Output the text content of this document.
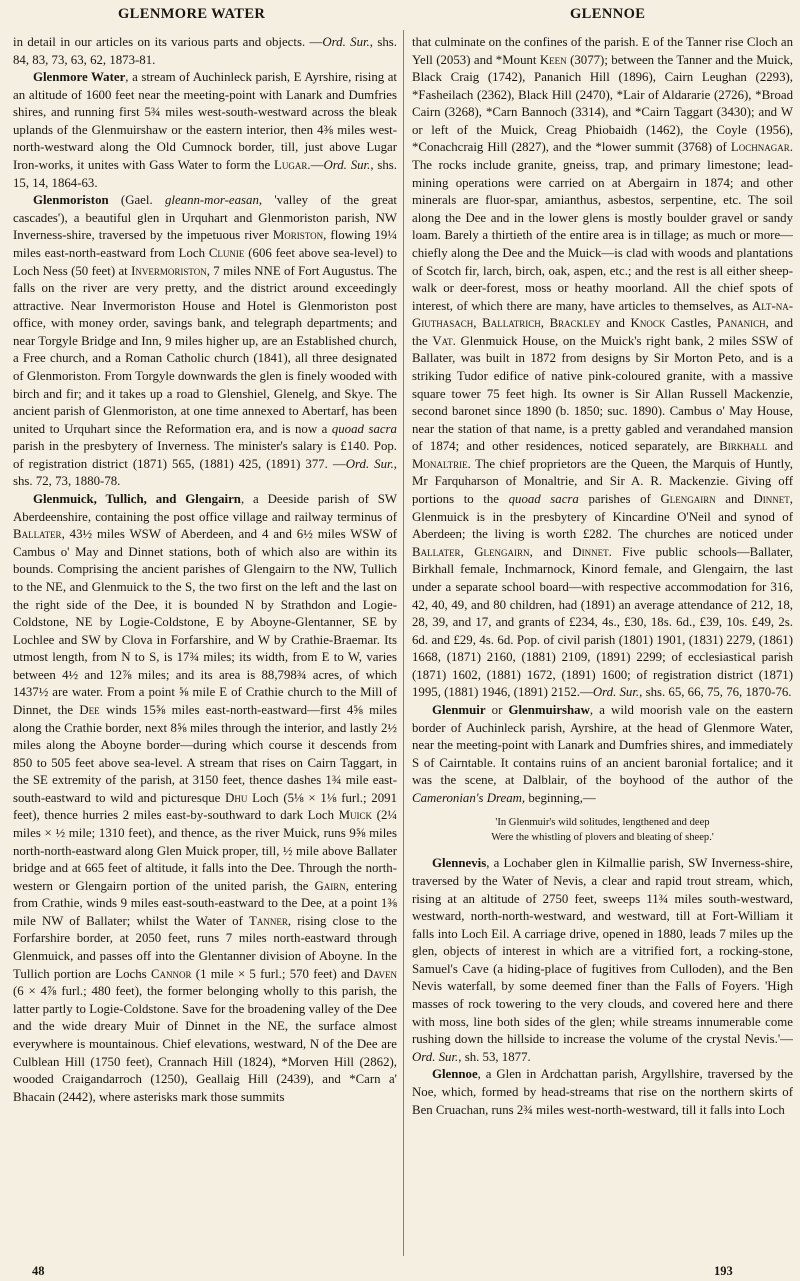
GLENMORE WATER	GLENNOE

in detail in our articles on its various parts and objects. —Ord. Sur., shs. 84, 83, 73, 63, 62, 1873-81.

Glenmore Water, a stream of Auchinleck parish, E Ayrshire, rising at an altitude of 1600 feet near the meeting-point with Lanark and Dumfries shires, and running first 5¾ miles west-south-westward across the bleak uplands of the Glenmuirshaw or the eastern interior, then 4⅜ miles west-north-westward along the Old Cumnock border, till, just above Lugar Iron-works, it unites with Gass Water to form the Lugar.—Ord. Sur., shs. 15, 14, 1864-63.

Glenmoriston (Gael. gleann-mor-easan, 'valley of the great cascades'), a beautiful glen in Urquhart and Glenmoriston parish, NW Inverness-shire, traversed by the impetuous river Moriston, flowing 19¼ miles east-north-eastward from Loch Clunie (606 feet above sea-level) to Loch Ness (50 feet) at Invermoriston, 7 miles NNE of Fort Augustus. The falls on the river are very pretty, and the district around exceedingly attractive. Near Invermoriston House and Hotel is Glenmoriston post office, with money order, savings bank, and telegraph departments; and near Torgyle Bridge and Inn, 9 miles higher up, are an Established church, a Free church, and a Roman Catholic church (1841), all three designated of Glenmoriston. From Torgyle downwards the glen is finely wooded with birch and fir; and it takes up a road to Glenshiel, Glenelg, and Skye. The ancient parish of Glenmoriston, at one time annexed to Abertarf, has been united to Urquhart since the Reformation era, and is now a quoad sacra parish in the presbytery of Inverness. The minister's salary is £140. Pop. of registration district (1871) 565, (1881) 425, (1891) 377. —Ord. Sur., shs. 72, 73, 1880-78.

Glenmuick, Tullich, and Glengairn, a Deeside parish of SW Aberdeenshire, containing the post office village and railway terminus of Ballater, 43½ miles WSW of Aberdeen, and 4 and 6½ miles WSW of Cambus o' May and Dinnet stations, both of which also are within its bounds. Comprising the ancient parishes of Glengairn to the NW, Tullich to the NE, and Glenmuick to the S, the two first on the left and the last on the right side of the Dee, it is bounded N by Strathdon and Logie-Coldstone, NE by Logie-Coldstone, E by Aboyne-Glentanner, SE by Lochlee and SW by Clova in Forfarshire, and W by Crathie-Braemar. Its utmost length, from N to S, is 17¾ miles; its width, from E to W, varies between 4½ and 12⅞ miles; and its area is 88,798¾ acres, of which 1437½ are water. From a point ⅝ mile E of Crathie church to the Mill of Dinnet, the Dee winds 15⅝ miles east-north-eastward—first 4⅝ miles along the Crathie border, next 8⅝ miles through the interior, and lastly 2½ miles along the Aboyne border—during which course it descends from 850 to 505 feet above sea-level. A stream that rises on Cairn Taggart, in the SE extremity of the parish, at 3150 feet, thence dashes 1¾ mile east-south-eastward to wild and picturesque Dhu Loch (5⅛ × 1⅛ furl.; 2091 feet), thence hurries 2 miles east-by-southward to dark Loch Muick (2¼ miles × ½ mile; 1310 feet), and thence, as the river Muick, runs 9⅝ miles north-north-eastward along Glen Muick proper, till, ½ mile above Ballater bridge and at 665 feet of altitude, it falls into the Dee. Through the north-western or Glengairn portion of the united parish, the Gairn, entering from Crathie, winds 9 miles east-south-eastward to the Dee, at a point 1⅜ mile NW of Ballater; whilst the Water of Tanner, rising close to the Forfarshire border, at 2050 feet, runs 7 miles north-eastward through Glenmuick, and passes off into the Glentanner division of Aboyne. In the Tullich portion are Lochs Cannor (1 mile × 5 furl.; 570 feet) and Daven (6 × 4⅞ furl.; 480 feet), the former belonging wholly to this parish, the latter partly to Logie-Coldstone. Save for the broadening valley of the Dee and the wide dreary Muir of Dinnet in the NE, the surface almost everywhere is mountainous. Chief elevations, westward, N of the Dee are Culblean Hill (1750 feet), Crannach Hill (1824), *Morven Hill (2862), wooded Craigandarroch (1250), Geallaig Hill (2439), and *Carn a' Bhacain (2442), where asterisks mark those summits

that culminate on the confines of the parish. E of the Tanner rise Cloch an Yell (2053) and *Mount Keen (3077); between the Tanner and the Muick, Black Craig (1742), Pananich Hill (1896), Cairn Leughan (2293), *Fasheilach (2362), Black Hill (2470), *Lair of Aldararie (2726), *Broad Cairn (3268), *Carn Bannoch (3314), and *Cairn Taggart (3430); and W or left of the Muick, Creag Phiobaidh (1462), the Coyle (1956), *Conachcraig Hill (2827), and the *lower summit (3768) of Lochnagar. The rocks include granite, gneiss, trap, and primary limestone; lead-mining operations were carried on at Abergairn in 1874; and other minerals are fluor-spar, amianthus, asbestos, serpentine, etc. The soil along the Dee and in the lower glens is mostly boulder gravel or sandy loam. Barely a thirtieth of the entire area is in tillage; as much or more— chiefly along the Dee and the Muick—is clad with woods and plantations of Scotch fir, larch, birch, oak, aspen, etc.; and the rest is all either sheep-walk or deer-forest, moss or heathy moorland. All the chief spots of interest, of which there are many, have articles to themselves, as Alt-na-Giuthasach, Ballatrich, Brackley and Knock Castles, Pananich, and the Vat. Glenmuick House, on the Muick's right bank, 2 miles SSW of Ballater, was built in 1872 from designs by Sir Morton Peto, and is a striking Tudor edifice of native pink-coloured granite, with a massive square tower 75 feet high. Its owner is Sir Allan Russell Mackenzie, second baronet since 1890 (b. 1850; suc. 1890). Cambus o' May House, near the station of that name, is a pretty gabled and verandahed mansion of 1874; and other residences, noticed separately, are Birkhall and Monaltrie. The chief proprietors are the Queen, the Marquis of Huntly, Mr Farquharson of Monaltrie, and Sir A. R. Mackenzie. Giving off portions to the quoad sacra parishes of Glengairn and Dinnet, Glenmuick is in the presbytery of Kincardine O'Neil and synod of Aberdeen; the living is worth £282. The churches are noticed under Ballater, Glengairn, and Dinnet. Five public schools—Ballater, Birkhall female, Inchmarnock, Kinord female, and Glengairn, the last under a separate school board—with respective accommodation for 316, 42, 40, 49, and 80 children, had (1891) an average attendance of 212, 18, 28, 39, and 17, and grants of £234, 4s., £30, 18s. 6d., £39, 10s. £49, 2s. 6d. and £29, 4s. 6d. Pop. of civil parish (1801) 1901, (1831) 2279, (1861) 1668, (1871) 2160, (1881) 2109, (1891) 2299; of ecclesiastical parish (1871) 1602, (1881) 1672, (1891) 1600; of registration district (1871) 1995, (1881) 1946, (1891) 2152.—Ord. Sur., shs. 65, 66, 75, 76, 1870-76.

Glenmuir or Glenmuirshaw, a wild moorish vale on the eastern border of Auchinleck parish, Ayrshire, at the head of Glenmore Water, near the meeting-point with Lanark and Dumfries shires, and immediately S of Cairntable. It contains ruins of an ancient baronial fortalice; and it was the scene, at Dalblair, of the boyhood of the author of the Cameronian's Dream, beginning,—

'In Glenmuir's wild solitudes, lengthened and deep
Were the whistling of plovers and bleating of sheep.'

Glennevis, a Lochaber glen in Kilmallie parish, SW Inverness-shire, traversed by the Water of Nevis, a clear and rapid trout stream, which, rising at an altitude of 2750 feet, sweeps 11¾ miles south-westward, westward, north-north-westward, and westward, till at Fort-William it falls into Loch Eil. A carriage drive, opened in 1880, leads 7 miles up the glen, objects of interest in which are a vitrified fort, a rocking-stone, Samuel's Cave (a hiding-place of fugitives from Culloden), and the Ben Nevis waterfall, by some deemed finer than the Falls of Foyers. 'High masses of rock towering to the very clouds, and covered here and there with moss, line both sides of the glen; while streams innumerable come rushing down the hillside to increase the volume of the crystal Nevis.'—Ord. Sur., sh. 53, 1877.

Glennoe, a Glen in Ardchattan parish, Argyllshire, traversed by the Noe, which, formed by head-streams that rise on the northern skirts of Ben Cruachan, runs 2¾ miles west-north-westward, till it falls into Loch

48	193
